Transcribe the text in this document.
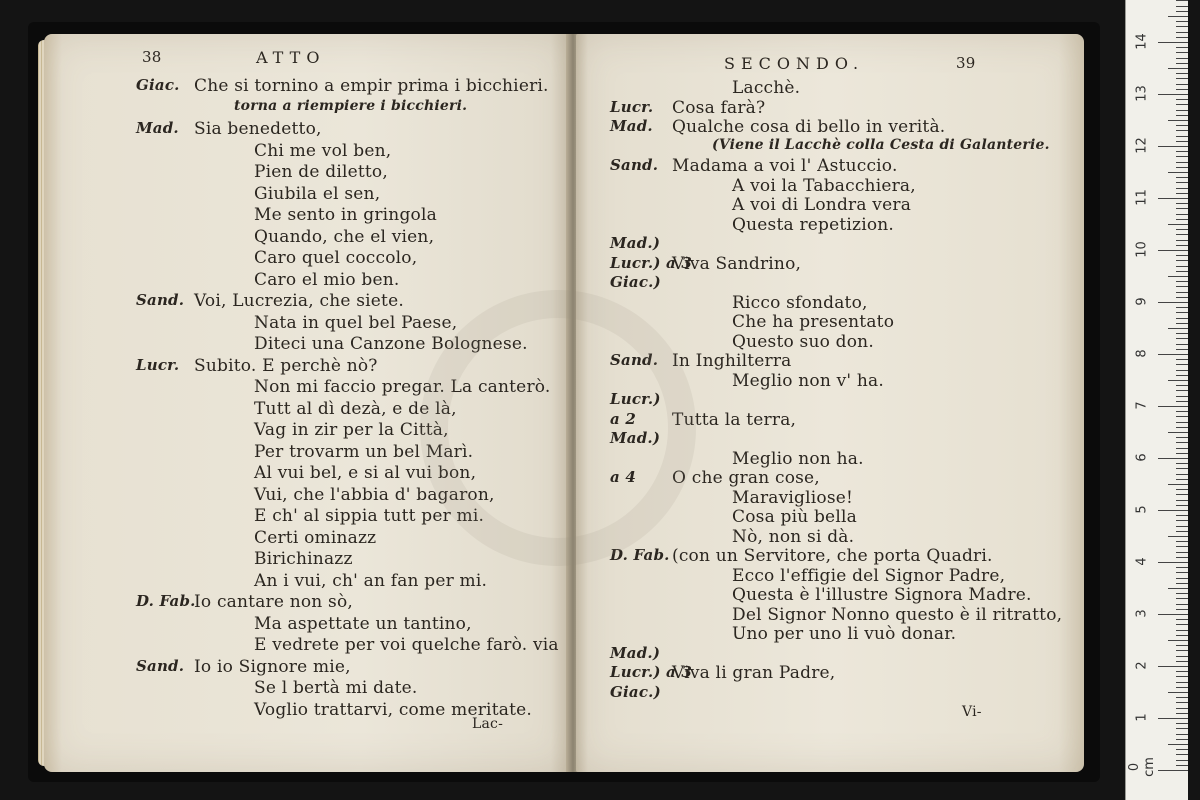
38	ATTO
Giac. Che si tornino a empir prima i bicchieri.
torna a riempiere i bicchieri.
Mad. Sia benedetto,
Chi me vol ben,
Pien de diletto,
Giubila el sen,
Me sento in gringola
Quando, che el vien,
Caro quel coccolo,
Caro el mio ben.
Sand. Voi, Lucrezia, che siete.
Nata in quel bel Paese,
Diteci una Canzone Bolognese.
Lucr. Subito. E perchè nò?
Non mi faccio pregar. La canterò.
Tutt al dì dezà, e de là,
Vag in zir per la Città,
Per trovarm un bel Marì.
Al vui bel, e si al vui bon,
Vui, che l'abbia d' bagaron,
E ch' al sippia tutt per mi.
Certi ominazz
Birichinazz
An i vui, ch' an fan per mi.
D. Fab.
Io cantare non sò,
Ma aspettate un tantino,
E vedrete per voi quelche farò. via
Sand. Io io Signore mie,
Se l bertà mi date.
Voglio trattarvi, come meritate.
Lac-
SECONDO.	39
Lacchè.
Lucr. Cosa farà?
Mad. Qualche cosa di bello in verità.
(Viene il Lacchè colla Cesta di Galanterie.
Sand. Madama a voi l' Astuccio.
A voi la Tabacchiera,
A voi di Londra vera
Questa repetizion.
Mad.)
Lucr.) a 3
Viva Sandrino,
Giac.)
Ricco sfondato,
Che ha presentato
Questo suo don.
Sand. In Inghilterra
Meglio non v' ha.
Lucr.)
a 2 Tutta la terra,
Mad.)
Meglio non ha.
a 4 O che gran cose,
Maravigliose!
Cosa più bella
Nò, non si dà.
D. Fab. (con un Servitore, che porta Quadri.
Ecco l'effigie del Signor Padre,
Questa è l'illustre Signora Madre.
Del Signor Nonno questo è il ritratto,
Uno per uno li vuò donar.
Mad.)
Lucr.) a 3
Viva li gran Padre,
Giac.)
Vi-
0 cm
1
2
3
4
5
6
7
8
9
10
11
12
13
14
